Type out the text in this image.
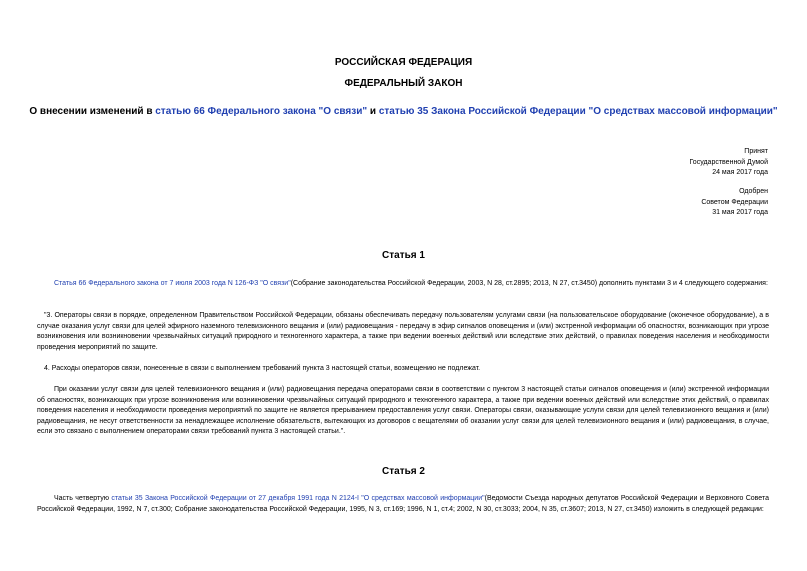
РОССИЙСКАЯ ФЕДЕРАЦИЯ
ФЕДЕРАЛЬНЫЙ ЗАКОН
О внесении изменений в статью 66 Федерального закона "О связи" и статью 35 Закона Российской Федерации "О средствах массовой информации"
Принят
Государственной Думой
24 мая 2017 года
Одобрен
Советом Федерации
31 мая 2017 года
Статья 1
Статья 66 Федерального закона от 7 июля 2003 года N 126-ФЗ "О связи"(Собрание законодательства Российской Федерации, 2003, N 28, ст.2895; 2013, N 27, ст.3450) дополнить пунктами 3 и 4 следующего содержания:
"3. Операторы связи в порядке, определенном Правительством Российской Федерации, обязаны обеспечивать передачу пользователям услугами связи (на пользовательское оборудование (оконечное оборудование), а в случае оказания услуг связи для целей эфирного наземного телевизионного вещания и (или) радиовещания - передачу в эфир сигналов оповещения и (или) экстренной информации об опасностях, возникающих при угрозе возникновения или возникновении чрезвычайных ситуаций природного и техногенного характера, а также при ведении военных действий или вследствие этих действий, о правилах поведения населения и необходимости проведения мероприятий по защите.
4. Расходы операторов связи, понесенные в связи с выполнением требований пункта 3 настоящей статьи, возмещению не подлежат.
При оказании услуг связи для целей телевизионного вещания и (или) радиовещания передача операторами связи в соответствии с пунктом 3 настоящей статьи сигналов оповещения и (или) экстренной информации об опасностях, возникающих при угрозе возникновения или возникновении чрезвычайных ситуаций природного и техногенного характера, а также при ведении военных действий или вследствие этих действий, о правилах поведения населения и необходимости проведения мероприятий по защите не является прерыванием предоставления услуг связи. Операторы связи, оказывающие услуги связи для целей телевизионного вещания и (или) радиовещания, не несут ответственности за ненадлежащее исполнение обязательств, вытекающих из договоров с вещателями об оказании услуг связи для целей телевизионного вещания и (или) радиовещания, в случае, если это связано с выполнением операторами связи требований пункта 3 настоящей статьи.".
Статья 2
Часть четвертую статьи 35 Закона Российской Федерации от 27 декабря 1991 года N 2124-I "О средствах массовой информации"(Ведомости Съезда народных депутатов Российской Федерации и Верховного Совета Российской Федерации, 1992, N 7, ст.300; Собрание законодательства Российской Федерации, 1995, N 3, ст.169; 1996, N 1, ст.4; 2002, N 30, ст.3033; 2004, N 35, ст.3607; 2013, N 27, ст.3450) изложить в следующей редакции:
